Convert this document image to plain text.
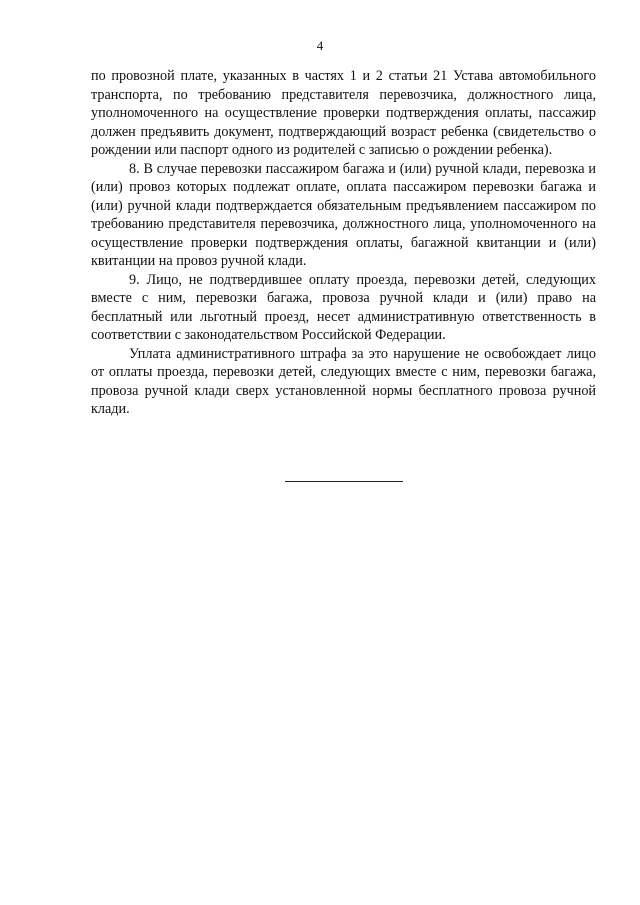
4

по провозной плате, указанных в частях 1 и 2 статьи 21 Устава автомобильного транспорта, по требованию представителя перевозчика, должностного лица, уполномоченного на осуществление проверки подтверждения оплаты, пассажир должен предъявить документ, подтверждающий возраст ребенка (свидетельство о рождении или паспорт одного из родителей с записью о рождении ребенка).

8. В случае перевозки пассажиром багажа и (или) ручной клади, перевозка и (или) провоз которых подлежат оплате, оплата пассажиром перевозки багажа и (или) ручной клади подтверждается обязательным предъявлением пассажиром по требованию представителя перевозчика, должностного лица, уполномоченного на осуществление проверки подтверждения оплаты, багажной квитанции и (или) квитанции на провоз ручной клади.

9. Лицо, не подтвердившее оплату проезда, перевозки детей, следующих вместе с ним, перевозки багажа, провоза ручной клади и (или) право на бесплатный или льготный проезд, несет административную ответственность в соответствии с законодательством Российской Федерации.

Уплата административного штрафа за это нарушение не освобождает лицо от оплаты проезда, перевозки детей, следующих вместе с ним, перевозки багажа, провоза ручной клади сверх установленной нормы бесплатного провоза ручной клади.
